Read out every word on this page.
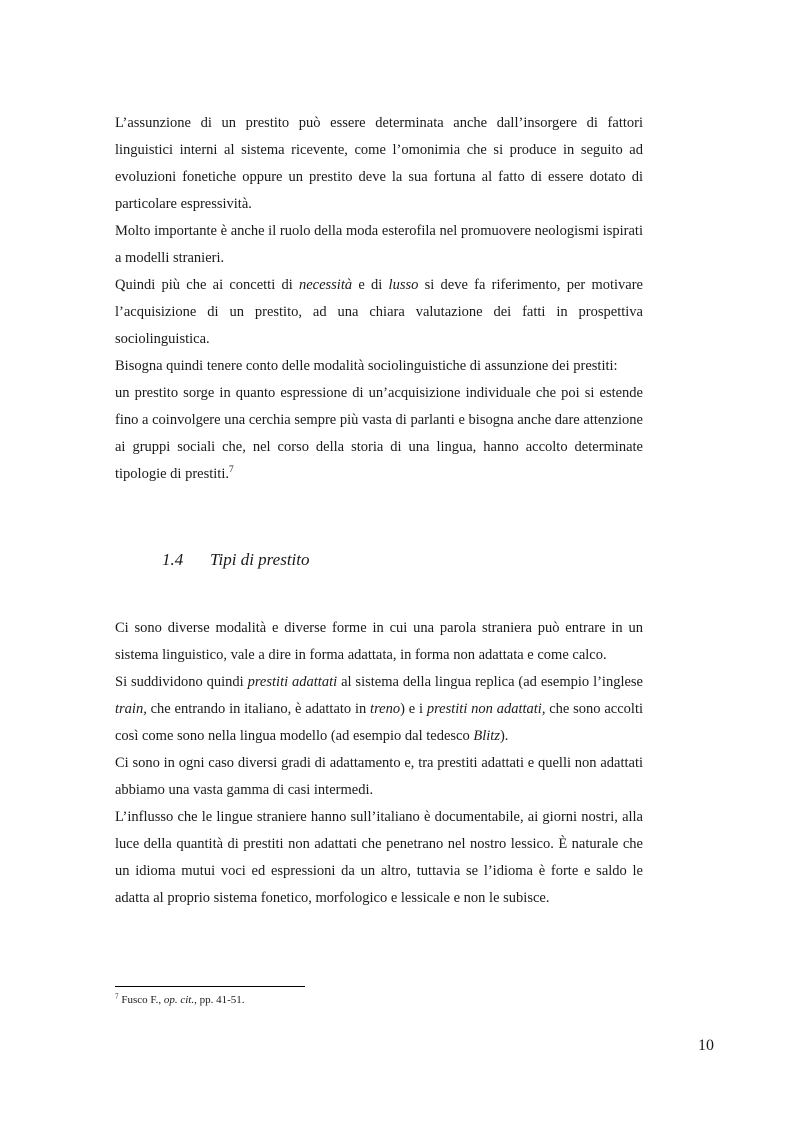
L’assunzione di un prestito può essere determinata anche dall’insorgere di fattori linguistici interni al sistema ricevente, come l’omonimia che si produce in seguito ad evoluzioni fonetiche oppure un prestito deve la sua fortuna al fatto di essere dotato di particolare espressività.

Molto importante è anche il ruolo della moda esterofila nel promuovere neologismi ispirati a modelli stranieri.

Quindi più che ai concetti di necessità e di lusso si deve fa riferimento, per motivare l’acquisizione di un prestito, ad una chiara valutazione dei fatti in prospettiva sociolinguistica.

Bisogna quindi tenere conto delle modalità sociolinguistiche di assunzione dei prestiti:

un prestito sorge in quanto espressione di un’acquisizione individuale che poi si estende fino a coinvolgere una cerchia sempre più vasta di parlanti e bisogna anche dare attenzione ai gruppi sociali che, nel corso della storia di una lingua, hanno accolto determinate tipologie di prestiti.$^7$

1.4 Tipi di prestito

Ci sono diverse modalità e diverse forme in cui una parola straniera può entrare in un sistema linguistico, vale a dire in forma adattata, in forma non adattata e come calco.

Si suddividono quindi prestiti adattati al sistema della lingua replica (ad esempio l’inglese train, che entrando in italiano, è adattato in treno) e i prestiti non adattati, che sono accolti così come sono nella lingua modello (ad esempio dal tedesco Blitz).

Ci sono in ogni caso diversi gradi di adattamento e, tra prestiti adattati e quelli non adattati abbiamo una vasta gamma di casi intermedi.

L’influsso che le lingue straniere hanno sull’italiano è documentabile, ai giorni nostri, alla luce della quantità di prestiti non adattati che penetrano nel nostro lessico. È naturale che un idioma mutui voci ed espressioni da un altro, tuttavia se l’idioma è forte e saldo le adatta al proprio sistema fonetico, morfologico e lessicale e non le subisce.

$^7$ Fusco F., op. cit., pp. 41-51.
10
